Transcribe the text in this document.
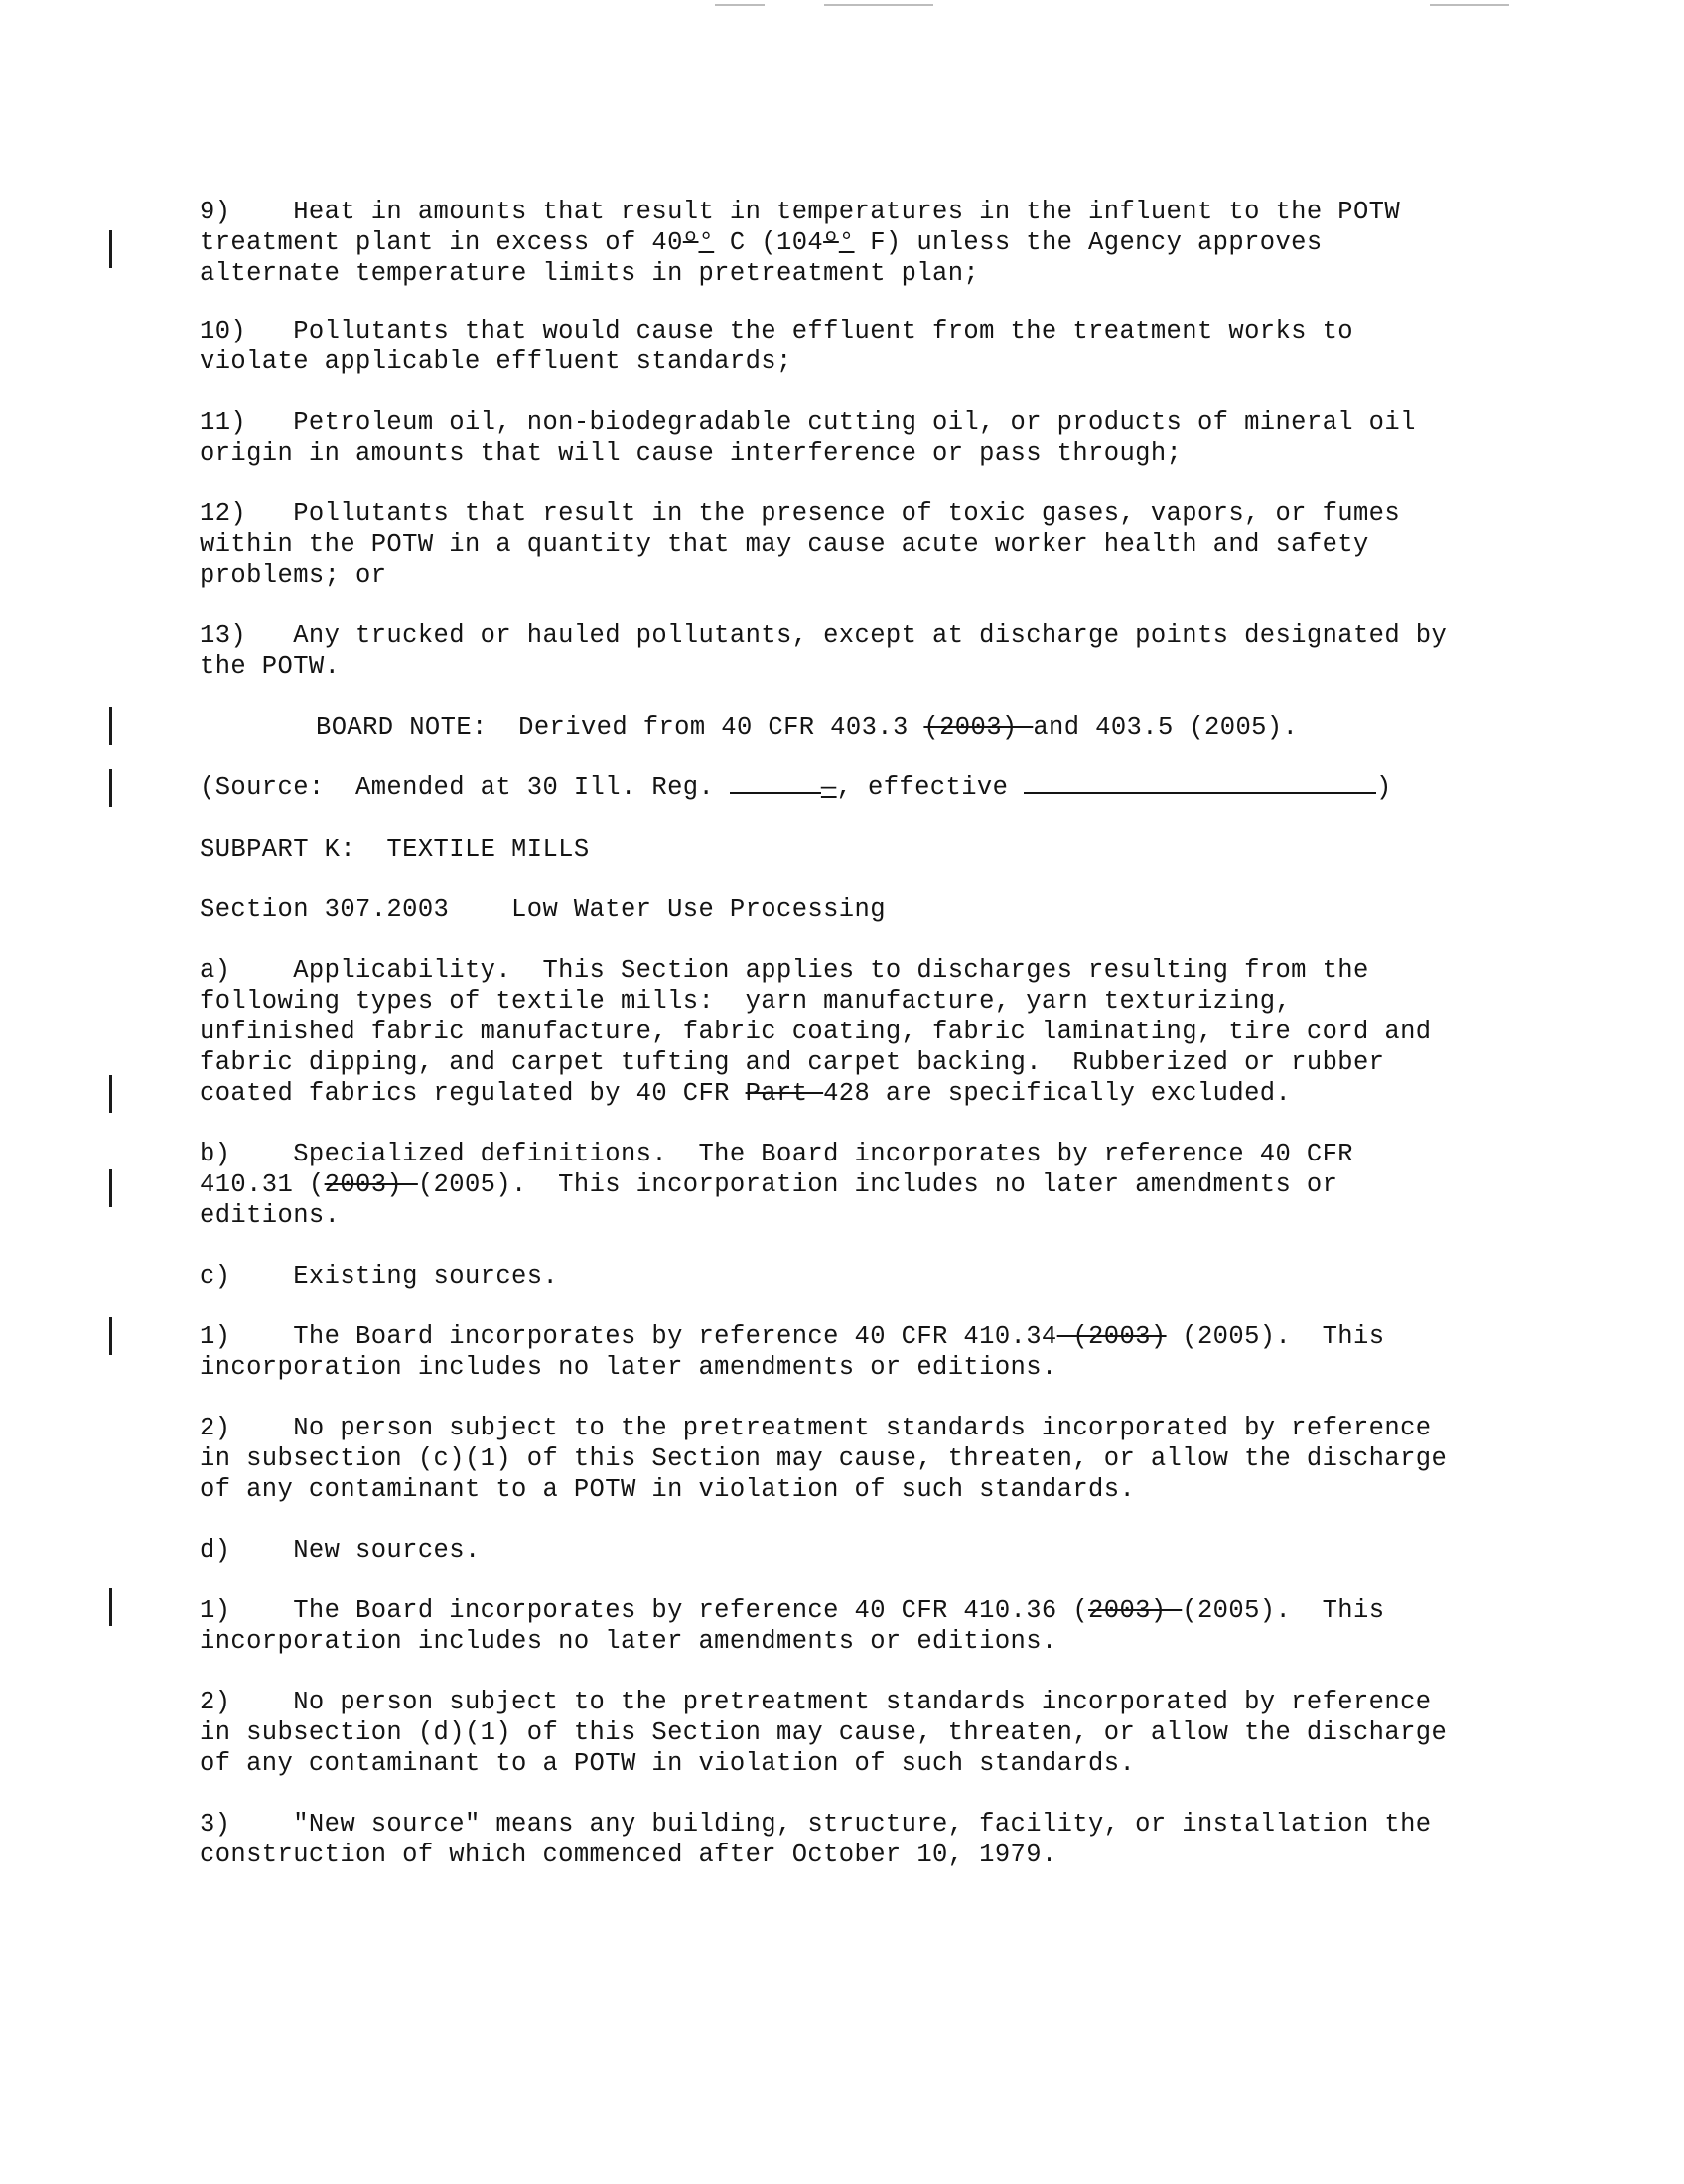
9)    Heat in amounts that result in temperatures in the influent to the POTW
treatment plant in excess of 40º° C (104º° F) unless the Agency approves
alternate temperature limits in pretreatment plan;
10)   Pollutants that would cause the effluent from the treatment works to
violate applicable effluent standards;
11)   Petroleum oil, non-biodegradable cutting oil, or products of mineral oil
origin in amounts that will cause interference or pass through;
12)   Pollutants that result in the presence of toxic gases, vapors, or fumes
within the POTW in a quantity that may cause acute worker health and safety
problems; or
13)   Any trucked or hauled pollutants, except at discharge points designated by
the POTW.
BOARD NOTE:  Derived from 40 CFR 403.3 (2003) and 403.5 (2005).
(Source:  Amended at 30 Ill. Reg.	—, effective	)
SUBPART K:  TEXTILE MILLS
Section 307.2003    Low Water Use Processing
a)    Applicability.  This Section applies to discharges resulting from the
following types of textile mills:  yarn manufacture, yarn texturizing,
unfinished fabric manufacture, fabric coating, fabric laminating, tire cord and
fabric dipping, and carpet tufting and carpet backing.  Rubberized or rubber
coated fabrics regulated by 40 CFR Part 428 are specifically excluded.
b)    Specialized definitions.  The Board incorporates by reference 40 CFR
410.31 (2003) (2005).  This incorporation includes no later amendments or
editions.
c)    Existing sources.
1)    The Board incorporates by reference 40 CFR 410.34 (2003) (2005).  This
incorporation includes no later amendments or editions.
2)    No person subject to the pretreatment standards incorporated by reference
in subsection (c)(1) of this Section may cause, threaten, or allow the discharge
of any contaminant to a POTW in violation of such standards.
d)    New sources.
1)    The Board incorporates by reference 40 CFR 410.36 (2003) (2005).  This
incorporation includes no later amendments or editions.
2)    No person subject to the pretreatment standards incorporated by reference
in subsection (d)(1) of this Section may cause, threaten, or allow the discharge
of any contaminant to a POTW in violation of such standards.
3)    "New source" means any building, structure, facility, or installation the
construction of which commenced after October 10, 1979.
